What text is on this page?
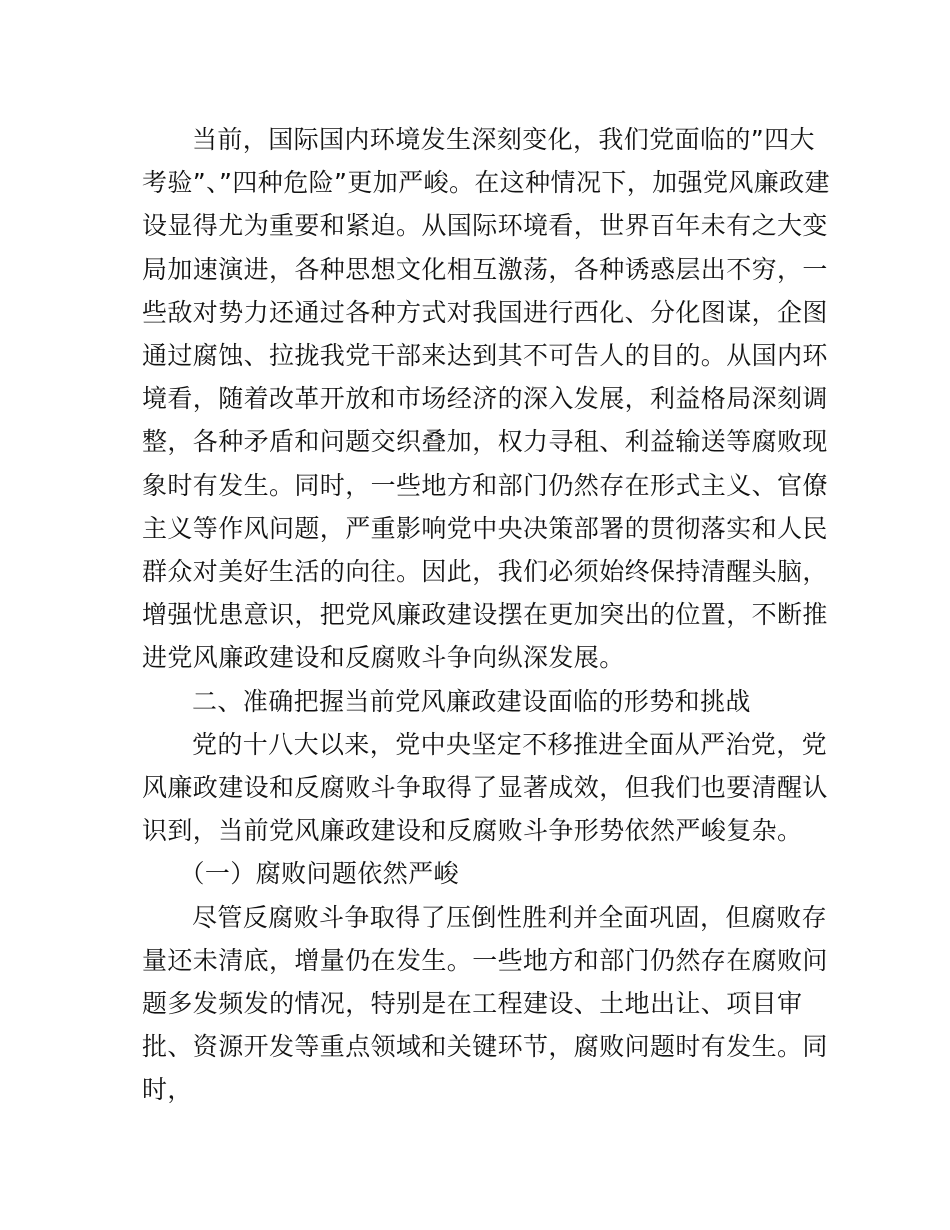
当前，国际国内环境发生深刻变化，我们党面临的”四大考验”、”四种危险”更加严峻。在这种情况下，加强党风廉政建设显得尤为重要和紧迫。从国际环境看，世界百年未有之大变局加速演进，各种思想文化相互激荡，各种诱惑层出不穷，一些敌对势力还通过各种方式对我国进行西化、分化图谋，企图通过腐蚀、拉拢我党干部来达到其不可告人的目的。从国内环境看，随着改革开放和市场经济的深入发展，利益格局深刻调整，各种矛盾和问题交织叠加，权力寻租、利益输送等腐败现象时有发生。同时，一些地方和部门仍然存在形式主义、官僚主义等作风问题，严重影响党中央决策部署的贯彻落实和人民群众对美好生活的向往。因此，我们必须始终保持清醒头脑，增强忧患意识，把党风廉政建设摆在更加突出的位置，不断推进党风廉政建设和反腐败斗争向纵深发展。

二、准确把握当前党风廉政建设面临的形势和挑战

党的十八大以来，党中央坚定不移推进全面从严治党，党风廉政建设和反腐败斗争取得了显著成效，但我们也要清醒认识到，当前党风廉政建设和反腐败斗争形势依然严峻复杂。

（一）腐败问题依然严峻

尽管反腐败斗争取得了压倒性胜利并全面巩固，但腐败存量还未清底，增量仍在发生。一些地方和部门仍然存在腐败问题多发频发的情况，特别是在工程建设、土地出让、项目审批、资源开发等重点领域和关键环节，腐败问题时有发生。同时，
